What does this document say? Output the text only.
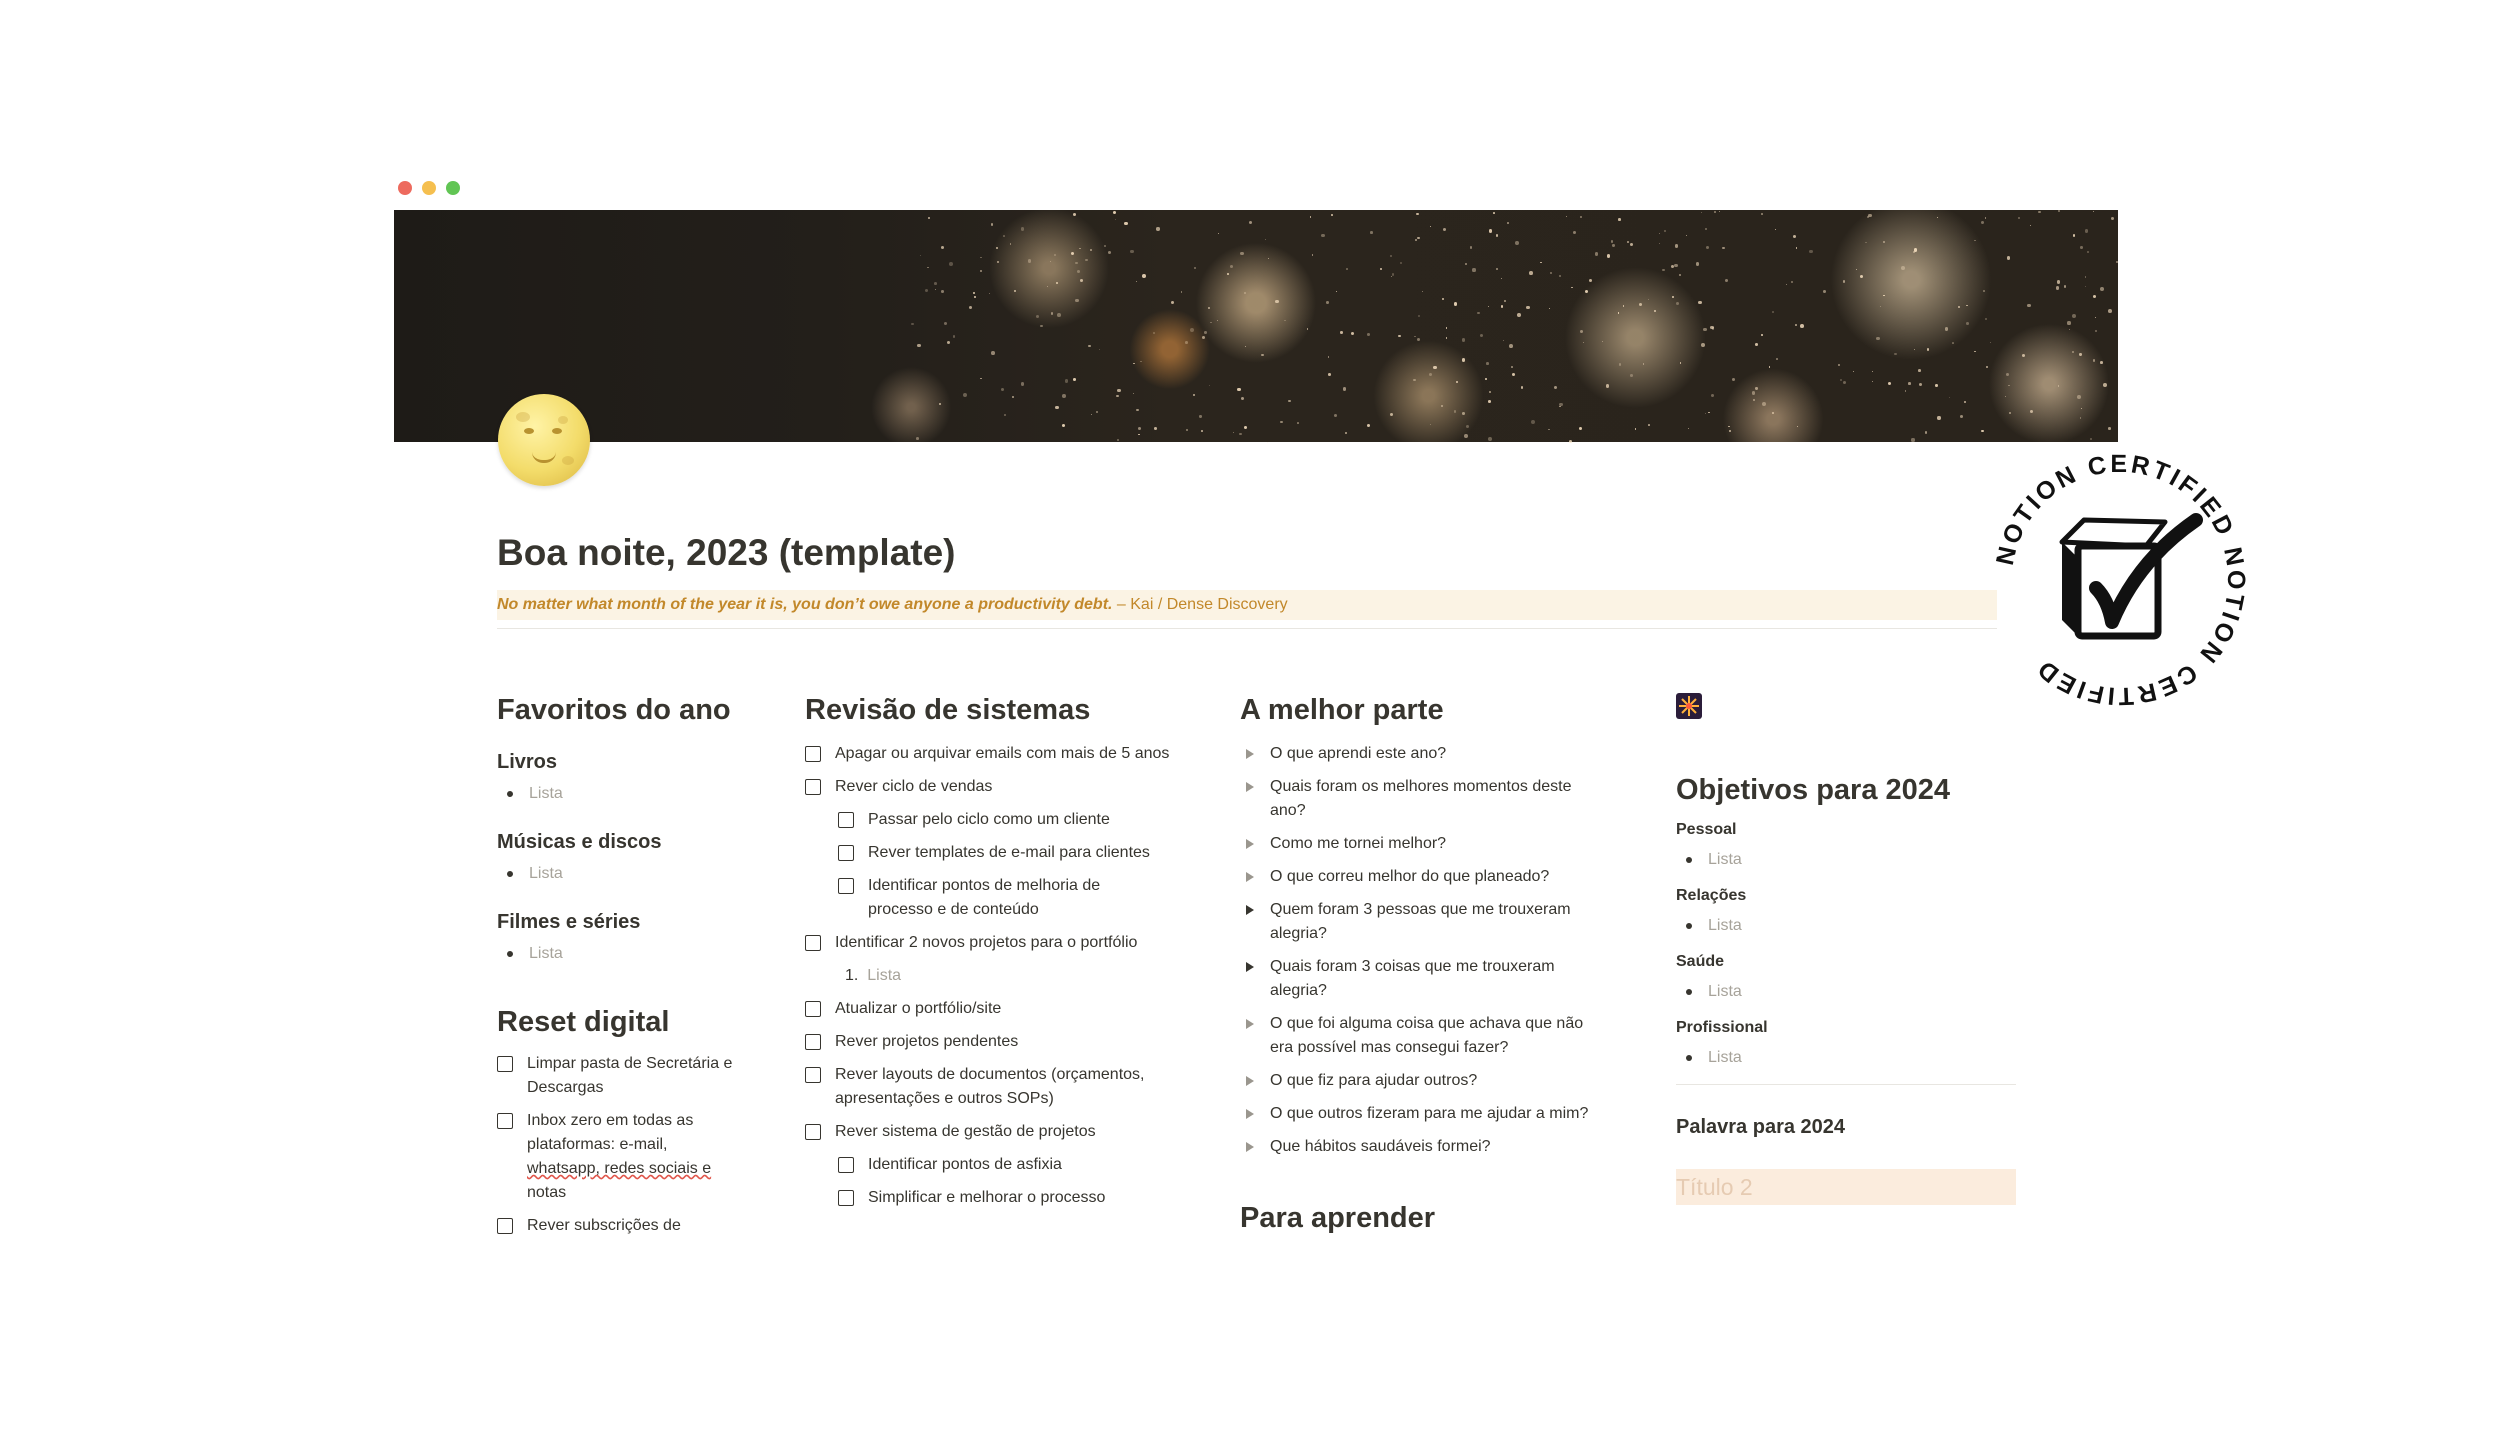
Boa noite, 2023 (template)
No matter what month of the year it is, you don’t owe anyone a productivity debt. – Kai / Dense Discovery
Favoritos do ano
Livros
Lista
Músicas e discos
Lista
Filmes e séries
Lista
Reset digital
Limpar pasta de Secretária e
Descargas
Inbox zero em todas as
plataformas: e-mail,
whatsapp, redes sociais e
notas
Rever subscrições de
Revisão de sistemas
Apagar ou arquivar emails com mais de 5 anos
Rever ciclo de vendas
Passar pelo ciclo como um cliente
Rever templates de e-mail para clientes
Identificar pontos de melhoria de
processo e de conteúdo
Identificar 2 novos projetos para o portfólio
1. Lista
Atualizar o portfólio/site
Rever projetos pendentes
Rever layouts de documentos (orçamentos,
apresentações e outros SOPs)
Rever sistema de gestão de projetos
Identificar pontos de asfixia
Simplificar e melhorar o processo
A melhor parte
O que aprendi este ano?
Quais foram os melhores momentos deste
ano?
Como me tornei melhor?
O que correu melhor do que planeado?
Quem foram 3 pessoas que me trouxeram
alegria?
Quais foram 3 coisas que me trouxeram
alegria?
O que foi alguma coisa que achava que não
era possível mas consegui fazer?
O que fiz para ajudar outros?
O que outros fizeram para me ajudar a mim?
Que hábitos saudáveis formei?
Para aprender
Objetivos para 2024
Pessoal
Lista
Relações
Lista
Saúde
Lista
Profissional
Lista
Palavra para 2024
Título 2
NOTION CERTIFIED NOTION CERTIFIED
